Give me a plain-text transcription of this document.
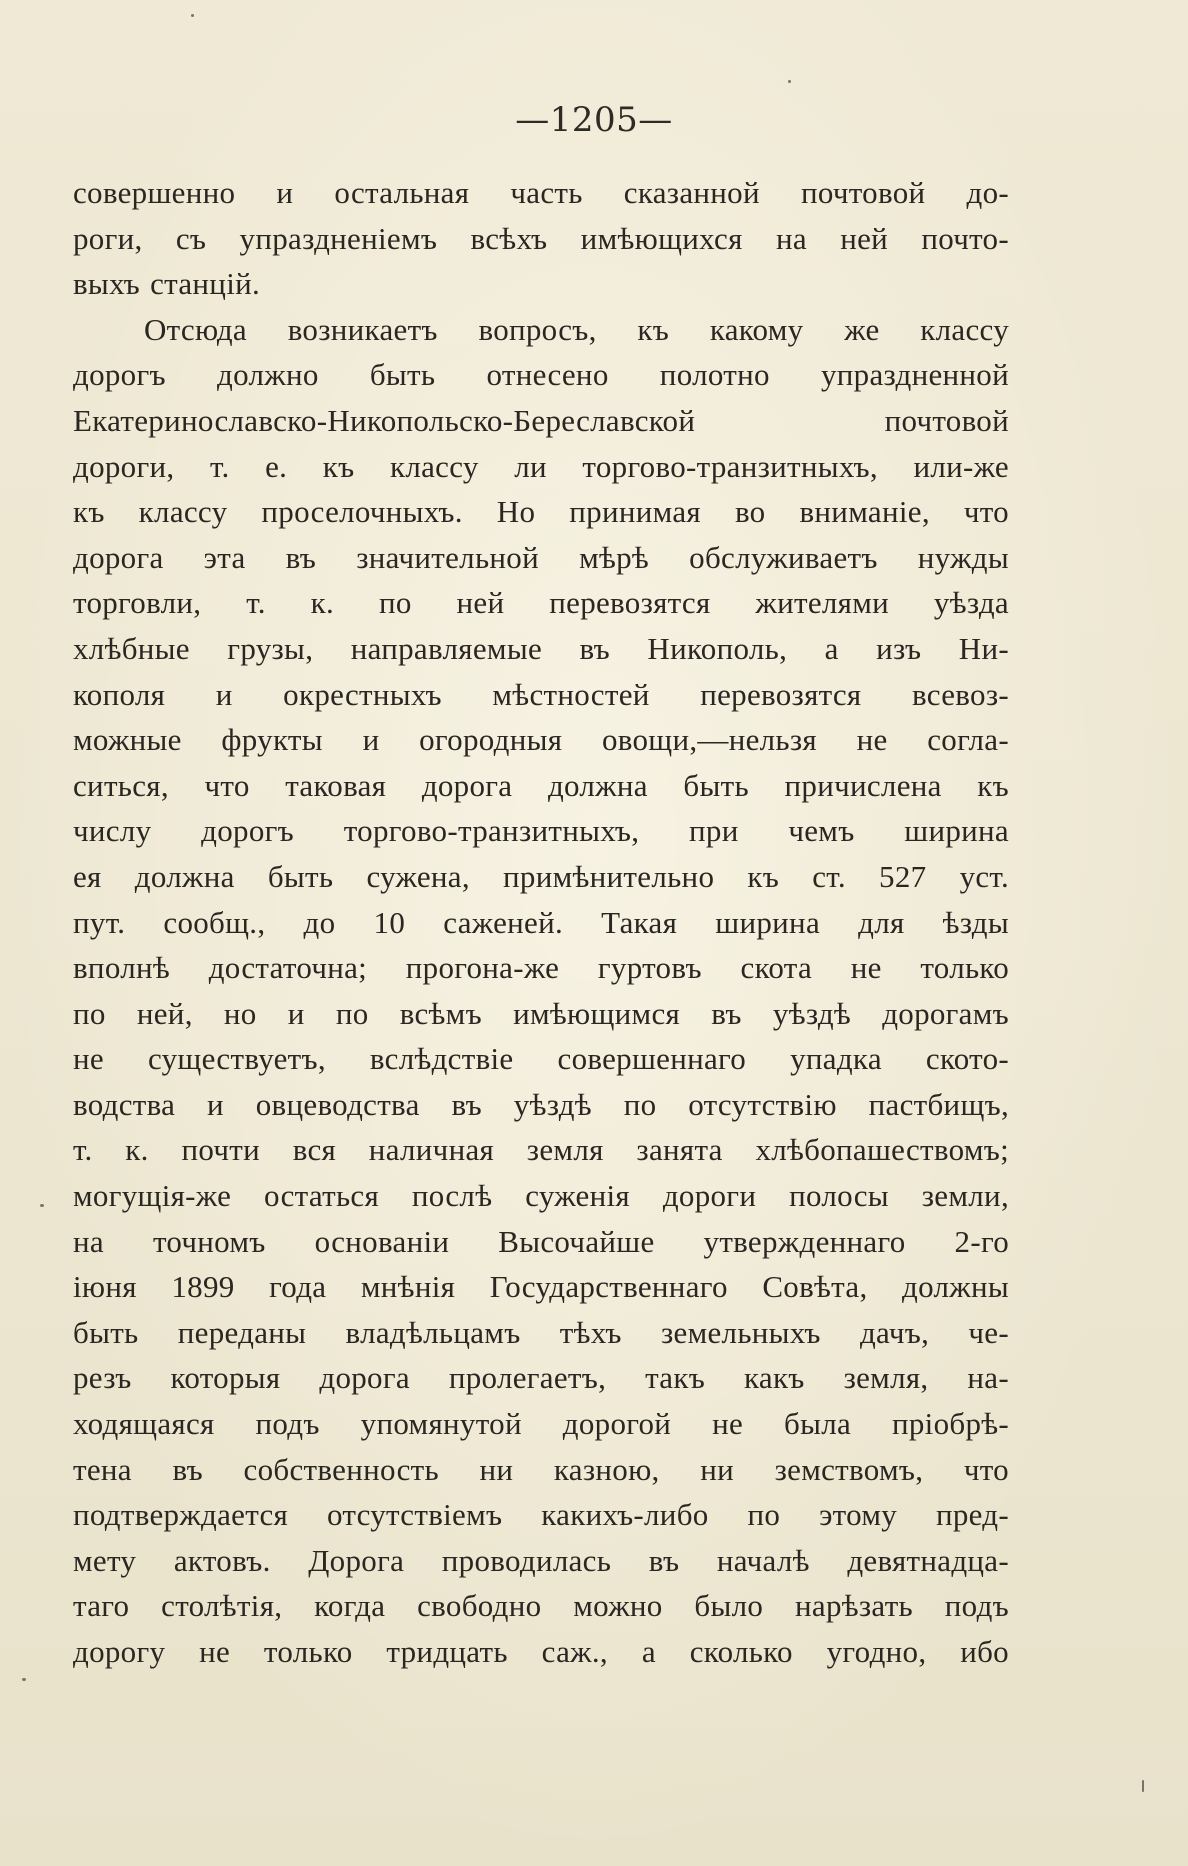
—1205—
совершенно и остальная часть сказанной почтовой до-
роги, съ упраздненіемъ всѣхъ имѣющихся на ней почто-
выхъ станцій.
Отсюда возникаетъ вопросъ, къ какому же классу
дорогъ должно быть отнесено полотно упраздненной
Екатеринославско-Никопольско-Береславской почтовой
дороги, т. е. къ классу ли торгово-транзитныхъ, или-же
къ классу проселочныхъ. Но принимая во вниманіе, что
дорога эта въ значительной мѣрѣ обслуживаетъ нужды
торговли, т. к. по ней перевозятся жителями уѣзда
хлѣбные грузы, направляемые въ Никополь, а изъ Ни-
кополя и окрестныхъ мѣстностей перевозятся всевоз-
можные фрукты и огородныя овощи,—нельзя не согла-
ситься, что таковая дорога должна быть причислена къ
числу дорогъ торгово-транзитныхъ, при чемъ ширина
ея должна быть сужена, примѣнительно къ ст. 527 уст.
пут. сообщ., до 10 саженей. Такая ширина для ѣзды
вполнѣ достаточна; прогона-же гуртовъ скота не только
по ней, но и по всѣмъ имѣющимся въ уѣздѣ дорогамъ
не существуетъ, вслѣдствіе совершеннаго упадка ското-
водства и овцеводства въ уѣздѣ по отсутствію пастбищъ,
т. к. почти вся наличная земля занята хлѣбопашествомъ;
могущія-же остаться послѣ суженія дороги полосы земли,
на точномъ основаніи Высочайше утвержденнаго 2-го
іюня 1899 года мнѣнія Государственнаго Совѣта, должны
быть переданы владѣльцамъ тѣхъ земельныхъ дачъ, че-
резъ которыя дорога пролегаетъ, такъ какъ земля, на-
ходящаяся подъ упомянутой дорогой не была пріобрѣ-
тена въ собственность ни казною, ни земствомъ, что
подтверждается отсутствіемъ какихъ-либо по этому пред-
мету актовъ. Дорога проводилась въ началѣ девятнадца-
таго столѣтія, когда свободно можно было нарѣзать подъ
дорогу не только тридцать саж., а сколько угодно, ибо
